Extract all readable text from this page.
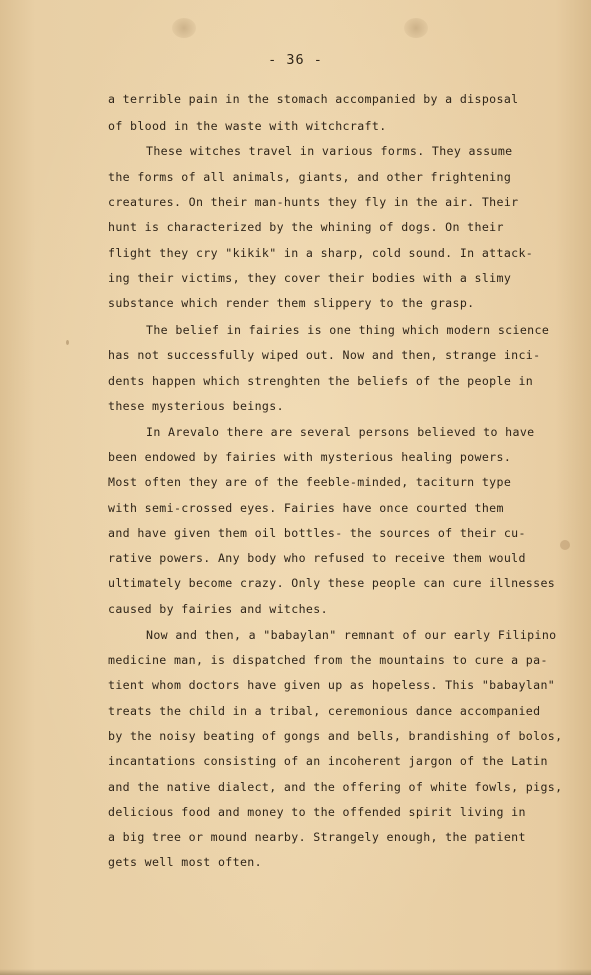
- 36 -

a terrible pain in the stomach accompanied by a disposal

of blood in the waste with witchcraft.

These witches travel in various forms. They assume

the forms of all animals, giants, and other frightening

creatures. On their man-hunts they fly in the air. Their

hunt is characterized by the whining of dogs. On their

flight they cry "kikik" in a sharp, cold sound. In attack-

ing their victims, they cover their bodies with a slimy

substance which render them slippery to the grasp.

The belief in fairies is one thing which modern science

has not successfully wiped out. Now and then, strange inci-

dents happen which strenghten the beliefs of the people in

these mysterious beings.

In Arevalo there are several persons believed to have

been endowed by fairies with mysterious healing powers.

Most often they are of the feeble-minded, taciturn type

with semi-crossed eyes. Fairies have once courted them

and have given them oil bottles- the sources of their cu-

rative powers. Any body who refused to receive them would

ultimately become crazy. Only these people can cure illnesses

caused by fairies and witches.

Now and then, a "babaylan" remnant of our early Filipino

medicine man, is dispatched from the mountains to cure a pa-

tient whom doctors have given up as hopeless. This "babaylan"

treats the child in a tribal, ceremonious dance accompanied

by the noisy beating of gongs and bells, brandishing of bolos,

incantations consisting of an incoherent jargon of the Latin

and the native dialect, and the offering of white fowls, pigs,

delicious food and money to the offended spirit living in

a big tree or mound nearby. Strangely enough, the patient

gets well most often.
